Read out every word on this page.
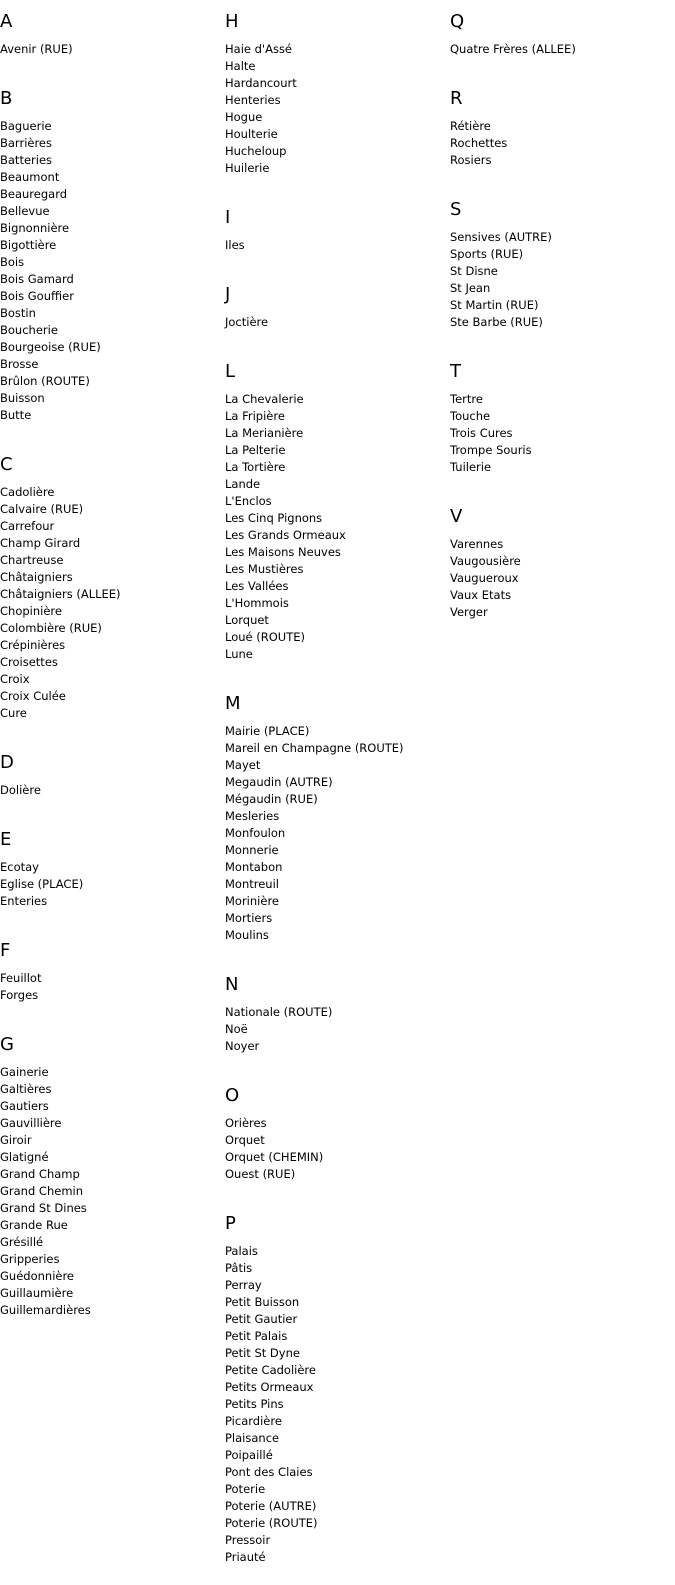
A
Avenir (RUE)
B
Baguerie
Barrières
Batteries
Beaumont
Beauregard
Bellevue
Bignonnière
Bigottière
Bois
Bois Gamard
Bois Gouffier
Bostin
Boucherie
Bourgeoise (RUE)
Brosse
Brûlon (ROUTE)
Buisson
Butte
C
Cadolière
Calvaire (RUE)
Carrefour
Champ Girard
Chartreuse
Châtaigniers
Châtaigniers (ALLEE)
Chopinière
Colombière (RUE)
Crépinières
Croisettes
Croix
Croix Culée
Cure
D
Dolière
E
Ecotay
Eglise (PLACE)
Enteries
F
Feuillot
Forges
G
Gainerie
Galtières
Gautiers
Gauvillière
Giroir
Glatigné
Grand Champ
Grand Chemin
Grand St Dines
Grande Rue
Grésillé
Gripperies
Guédonnière
Guillaumière
Guillemardières
H
Haie d'Assé
Halte
Hardancourt
Henteries
Hogue
Houlterie
Hucheloup
Huilerie
I
Iles
J
Joctière
L
La Chevalerie
La Fripière
La Merianière
La Pelterie
La Tortière
Lande
L'Enclos
Les Cinq Pignons
Les Grands Ormeaux
Les Maisons Neuves
Les Mustières
Les Vallées
L'Hommois
Lorquet
Loué (ROUTE)
Lune
M
Mairie (PLACE)
Mareil en Champagne (ROUTE)
Mayet
Megaudin (AUTRE)
Mégaudin (RUE)
Mesleries
Monfoulon
Monnerie
Montabon
Montreuil
Morinière
Mortiers
Moulins
N
Nationale (ROUTE)
Noë
Noyer
O
Orières
Orquet
Orquet (CHEMIN)
Ouest (RUE)
P
Palais
Pâtis
Perray
Petit Buisson
Petit Gautier
Petit Palais
Petit St Dyne
Petite Cadolière
Petits Ormeaux
Petits Pins
Picardière
Plaisance
Poipaillé
Pont des Claies
Poterie
Poterie (AUTRE)
Poterie (ROUTE)
Pressoir
Priauté
Q
Quatre Frères (ALLEE)
R
Rétière
Rochettes
Rosiers
S
Sensives (AUTRE)
Sports (RUE)
St Disne
St Jean
St Martin (RUE)
Ste Barbe (RUE)
T
Tertre
Touche
Trois Cures
Trompe Souris
Tuilerie
V
Varennes
Vaugousière
Vaugueroux
Vaux Etats
Verger
